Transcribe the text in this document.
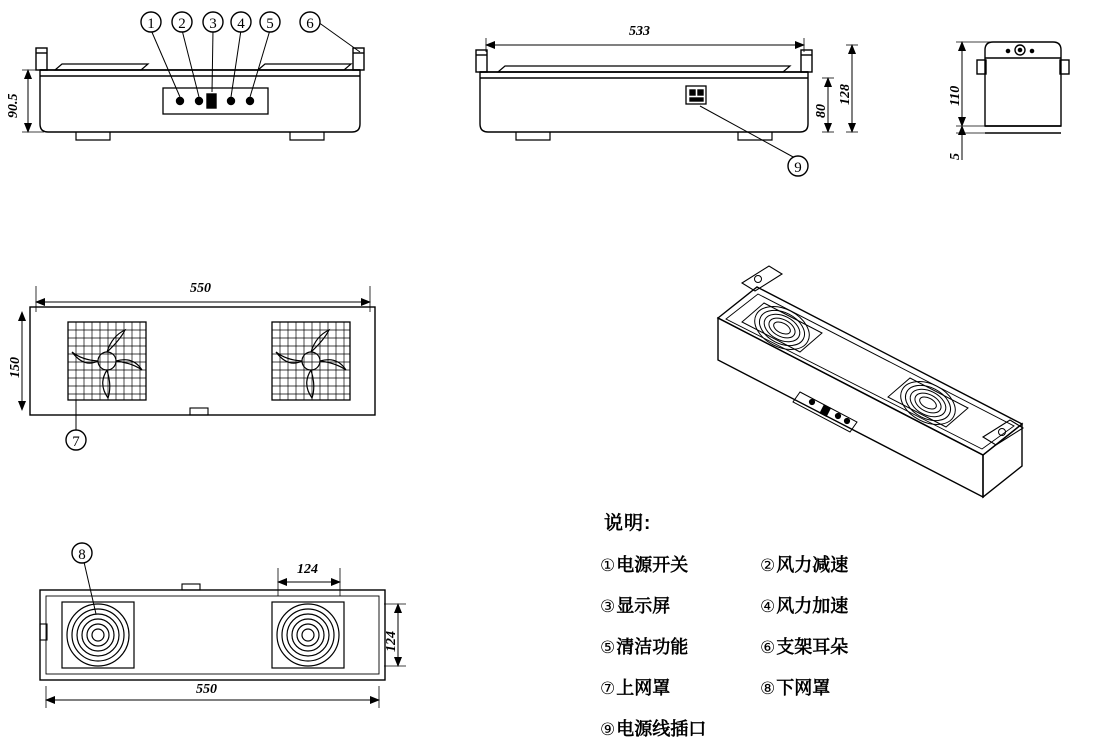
1 2 3 4 5 6
9
7
8
90.5
533
80
128	110
5
550
150
124
124
550
说明:
①电源开关	②风力减速
③显示屏	④风力加速
⑤清洁功能	⑥支架耳朵
⑦上网罩	⑧下网罩
⑨电源线插口
